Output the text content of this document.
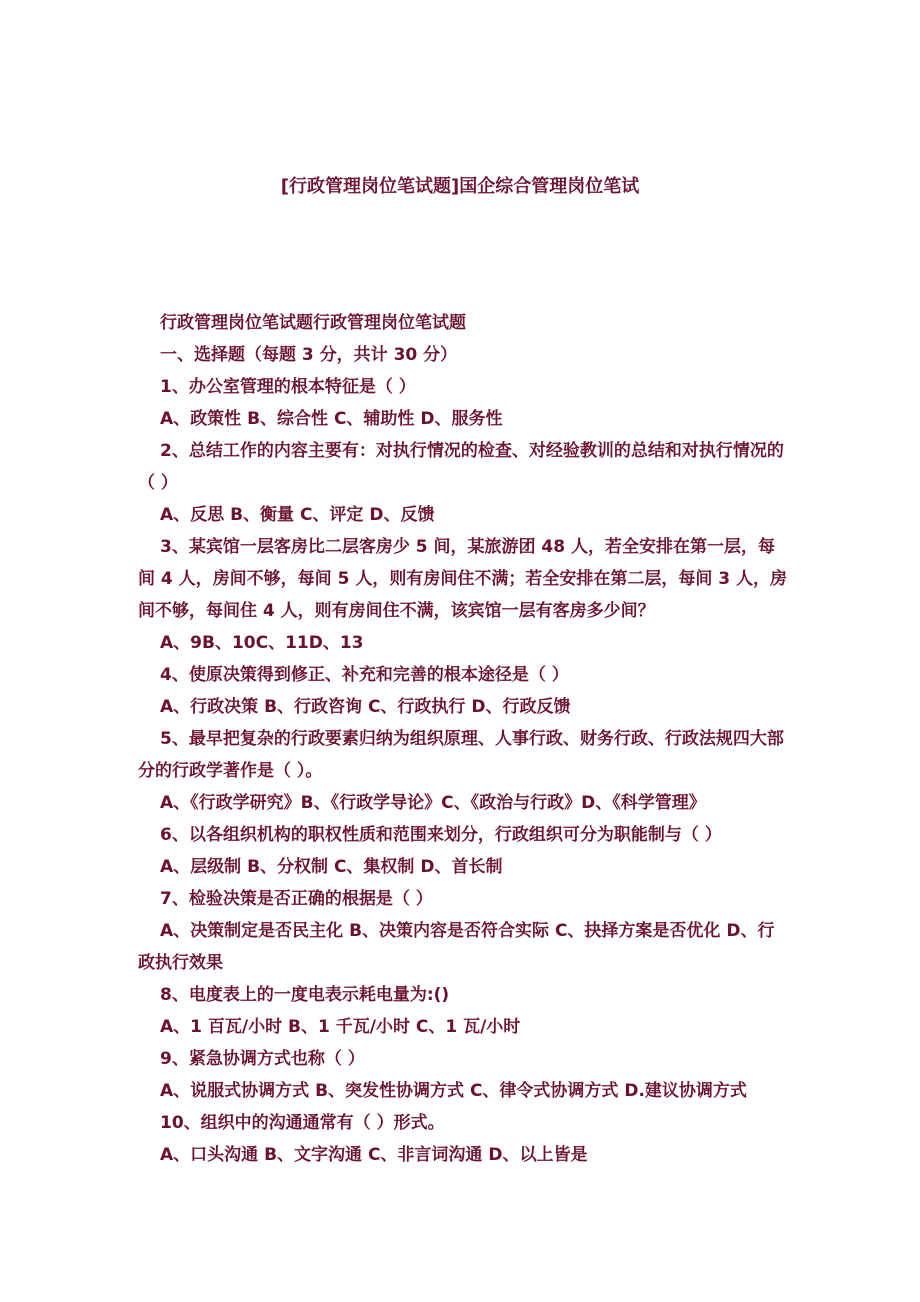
[行政管理岗位笔试题]国企综合管理岗位笔试

行政管理岗位笔试题行政管理岗位笔试题

一、选择题（每题 3 分，共计 30 分）

1、办公室管理的根本特征是（ ）

A、政策性 B、综合性 C、辅助性 D、服务性

2、总结工作的内容主要有：对执行情况的检查、对经验教训的总结和对执行情况的（ ）

A、反思 B、衡量 C、评定 D、反馈

3、某宾馆一层客房比二层客房少 5 间，某旅游团 48 人，若全安排在第一层，每间 4 人，房间不够，每间 5 人，则有房间住不满；若全安排在第二层，每间 3 人，房间不够，每间住 4 人，则有房间住不满，该宾馆一层有客房多少间？

A、9B、10C、11D、13

4、使原决策得到修正、补充和完善的根本途径是（ ）

A、行政决策 B、行政咨询 C、行政执行 D、行政反馈

5、最早把复杂的行政要素归纳为组织原理、人事行政、财务行政、行政法规四大部分的行政学著作是（ ）。

A、《行政学研究》B、《行政学导论》C、《政治与行政》D、《科学管理》

6、以各组织机构的职权性质和范围来划分，行政组织可分为职能制与（ ）

A、层级制 B、分权制 C、集权制 D、首长制

7、检验决策是否正确的根据是（ ）

A、决策制定是否民主化 B、决策内容是否符合实际 C、抉择方案是否优化 D、行政执行效果

8、电度表上的一度电表示耗电量为:()

A、1 百瓦/小时 B、1 千瓦/小时 C、1 瓦/小时

9、紧急协调方式也称（ ）

A、说服式协调方式 B、突发性协调方式 C、律令式协调方式 D.建议协调方式

10、组织中的沟通通常有（ ）形式。

A、口头沟通 B、文字沟通 C、非言词沟通 D、以上皆是
